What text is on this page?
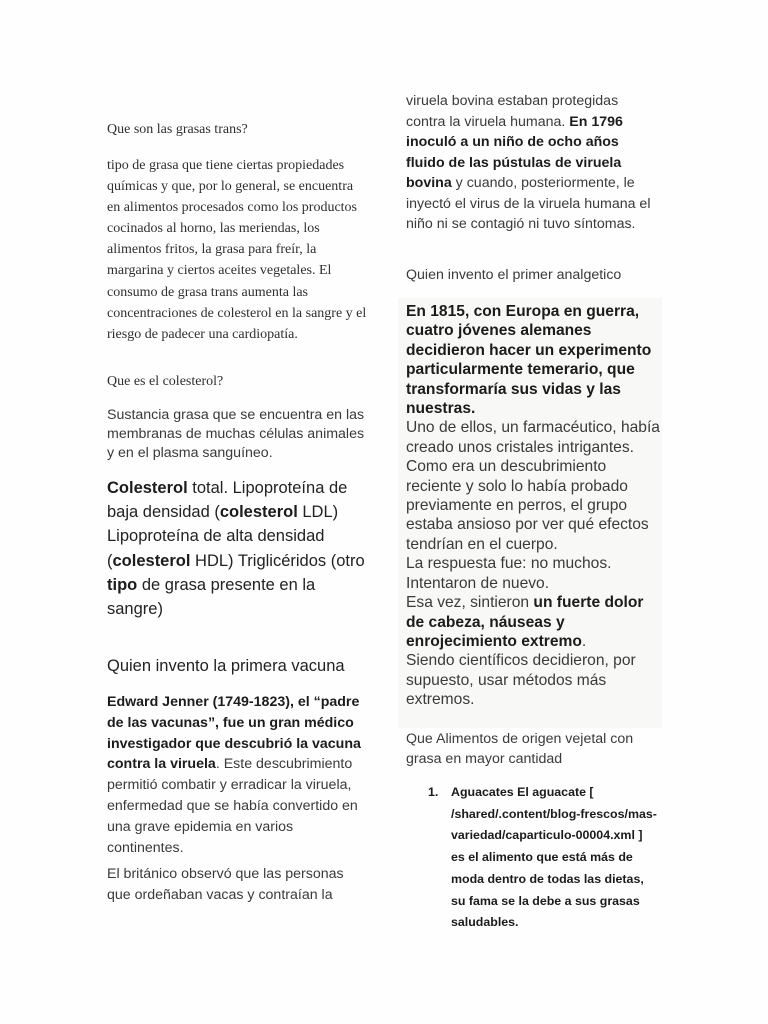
Que son las grasas trans?

tipo de grasa que tiene ciertas propiedades químicas y que, por lo general, se encuentra en alimentos procesados como los productos cocinados al horno, las meriendas, los alimentos fritos, la grasa para freír, la margarina y ciertos aceites vegetales. El consumo de grasa trans aumenta las concentraciones de colesterol en la sangre y el riesgo de padecer una cardiopatía.

Que es el colesterol?

Sustancia grasa que se encuentra en las membranas de muchas células animales y en el plasma sanguíneo.

Colesterol total. Lipoproteína de baja densidad (colesterol LDL) Lipoproteína de alta densidad (colesterol HDL) Triglicéridos (otro tipo de grasa presente en la sangre)

Quien invento la primera vacuna

Edward Jenner (1749-1823), el “padre de las vacunas”, fue un gran médico investigador que descubrió la vacuna contra la viruela. Este descubrimiento permitió combatir y erradicar la viruela, enfermedad que se había convertido en una grave epidemia en varios continentes.

El británico observó que las personas que ordeñaban vacas y contraían la

viruela bovina estaban protegidas contra la viruela humana. En 1796 inoculó a un niño de ocho años fluido de las pústulas de viruela bovina y cuando, posteriormente, le inyectó el virus de la viruela humana el niño ni se contagió ni tuvo síntomas.

Quien invento el primer analgetico

En 1815, con Europa en guerra, cuatro jóvenes alemanes decidieron hacer un experimento particularmente temerario, que transformaría sus vidas y las nuestras.

Uno de ellos, un farmacéutico, había creado unos cristales intrigantes.

Como era un descubrimiento reciente y solo lo había probado previamente en perros, el grupo estaba ansioso por ver qué efectos tendrían en el cuerpo.

La respuesta fue: no muchos.

Intentaron de nuevo.

Esa vez, sintieron un fuerte dolor de cabeza, náuseas y enrojecimiento extremo.

Siendo científicos decidieron, por supuesto, usar métodos más extremos.

Que Alimentos de origen vejetal con grasa en mayor cantidad

1. Aguacates El aguacate [ /shared/.content/blog-frescos/mas-variedad/caparticulo-00004.xml ] es el alimento que está más de moda dentro de todas las dietas, su fama se la debe a sus grasas saludables.
